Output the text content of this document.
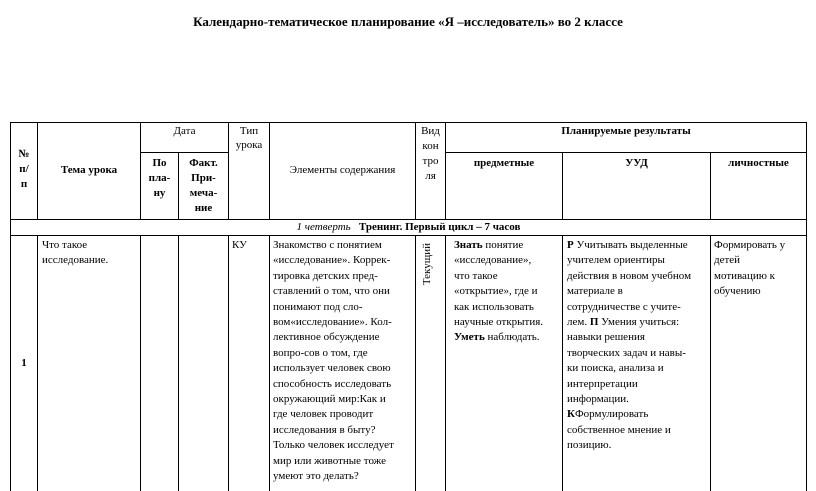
Календарно-тематическое планирование «Я –исследователь» во 2 классе
№
п/
п
Тема урока
Дата
По
пла-
ну
Факт.
При-
меча-
ние
Тип
урока
Элементы содержания
Вид
кон
тро
ля
Планируемые результаты
предметные	УУД	личностные
1 четверть Тренинг. Первый цикл – 7 часов
1
Что такое
исследование.
КУ Знакомство с понятием
«исследование». Коррек-
тировка детских пред-
ставлений о том, что они
понимают под сло-
вом«исследование». Кол-
лективное обсуждение
вопро-сов о том, где
использует человек свою
способность исследовать
окружающий мир:Как и
где человек проводит
исследования в быту?
Только человек исследует
мир или животные тоже
умеют это делать?
Текущий Знать понятие
«исследование»,
что такое
«открытие», где и
как использовать
научные открытия.
Уметь наблюдать.
Р Учитывать выделенные
учителем ориентиры
действия в новом учебном
материале в
сотрудничестве с учите-
лем. П Умения учиться:
навыки решения
творческих задач и навы-
ки поиска, анализа и
интерпретации
информации.
КФормулировать
собственное мнение и
позицию.
Формировать у
детей
мотивацию к
обучению
